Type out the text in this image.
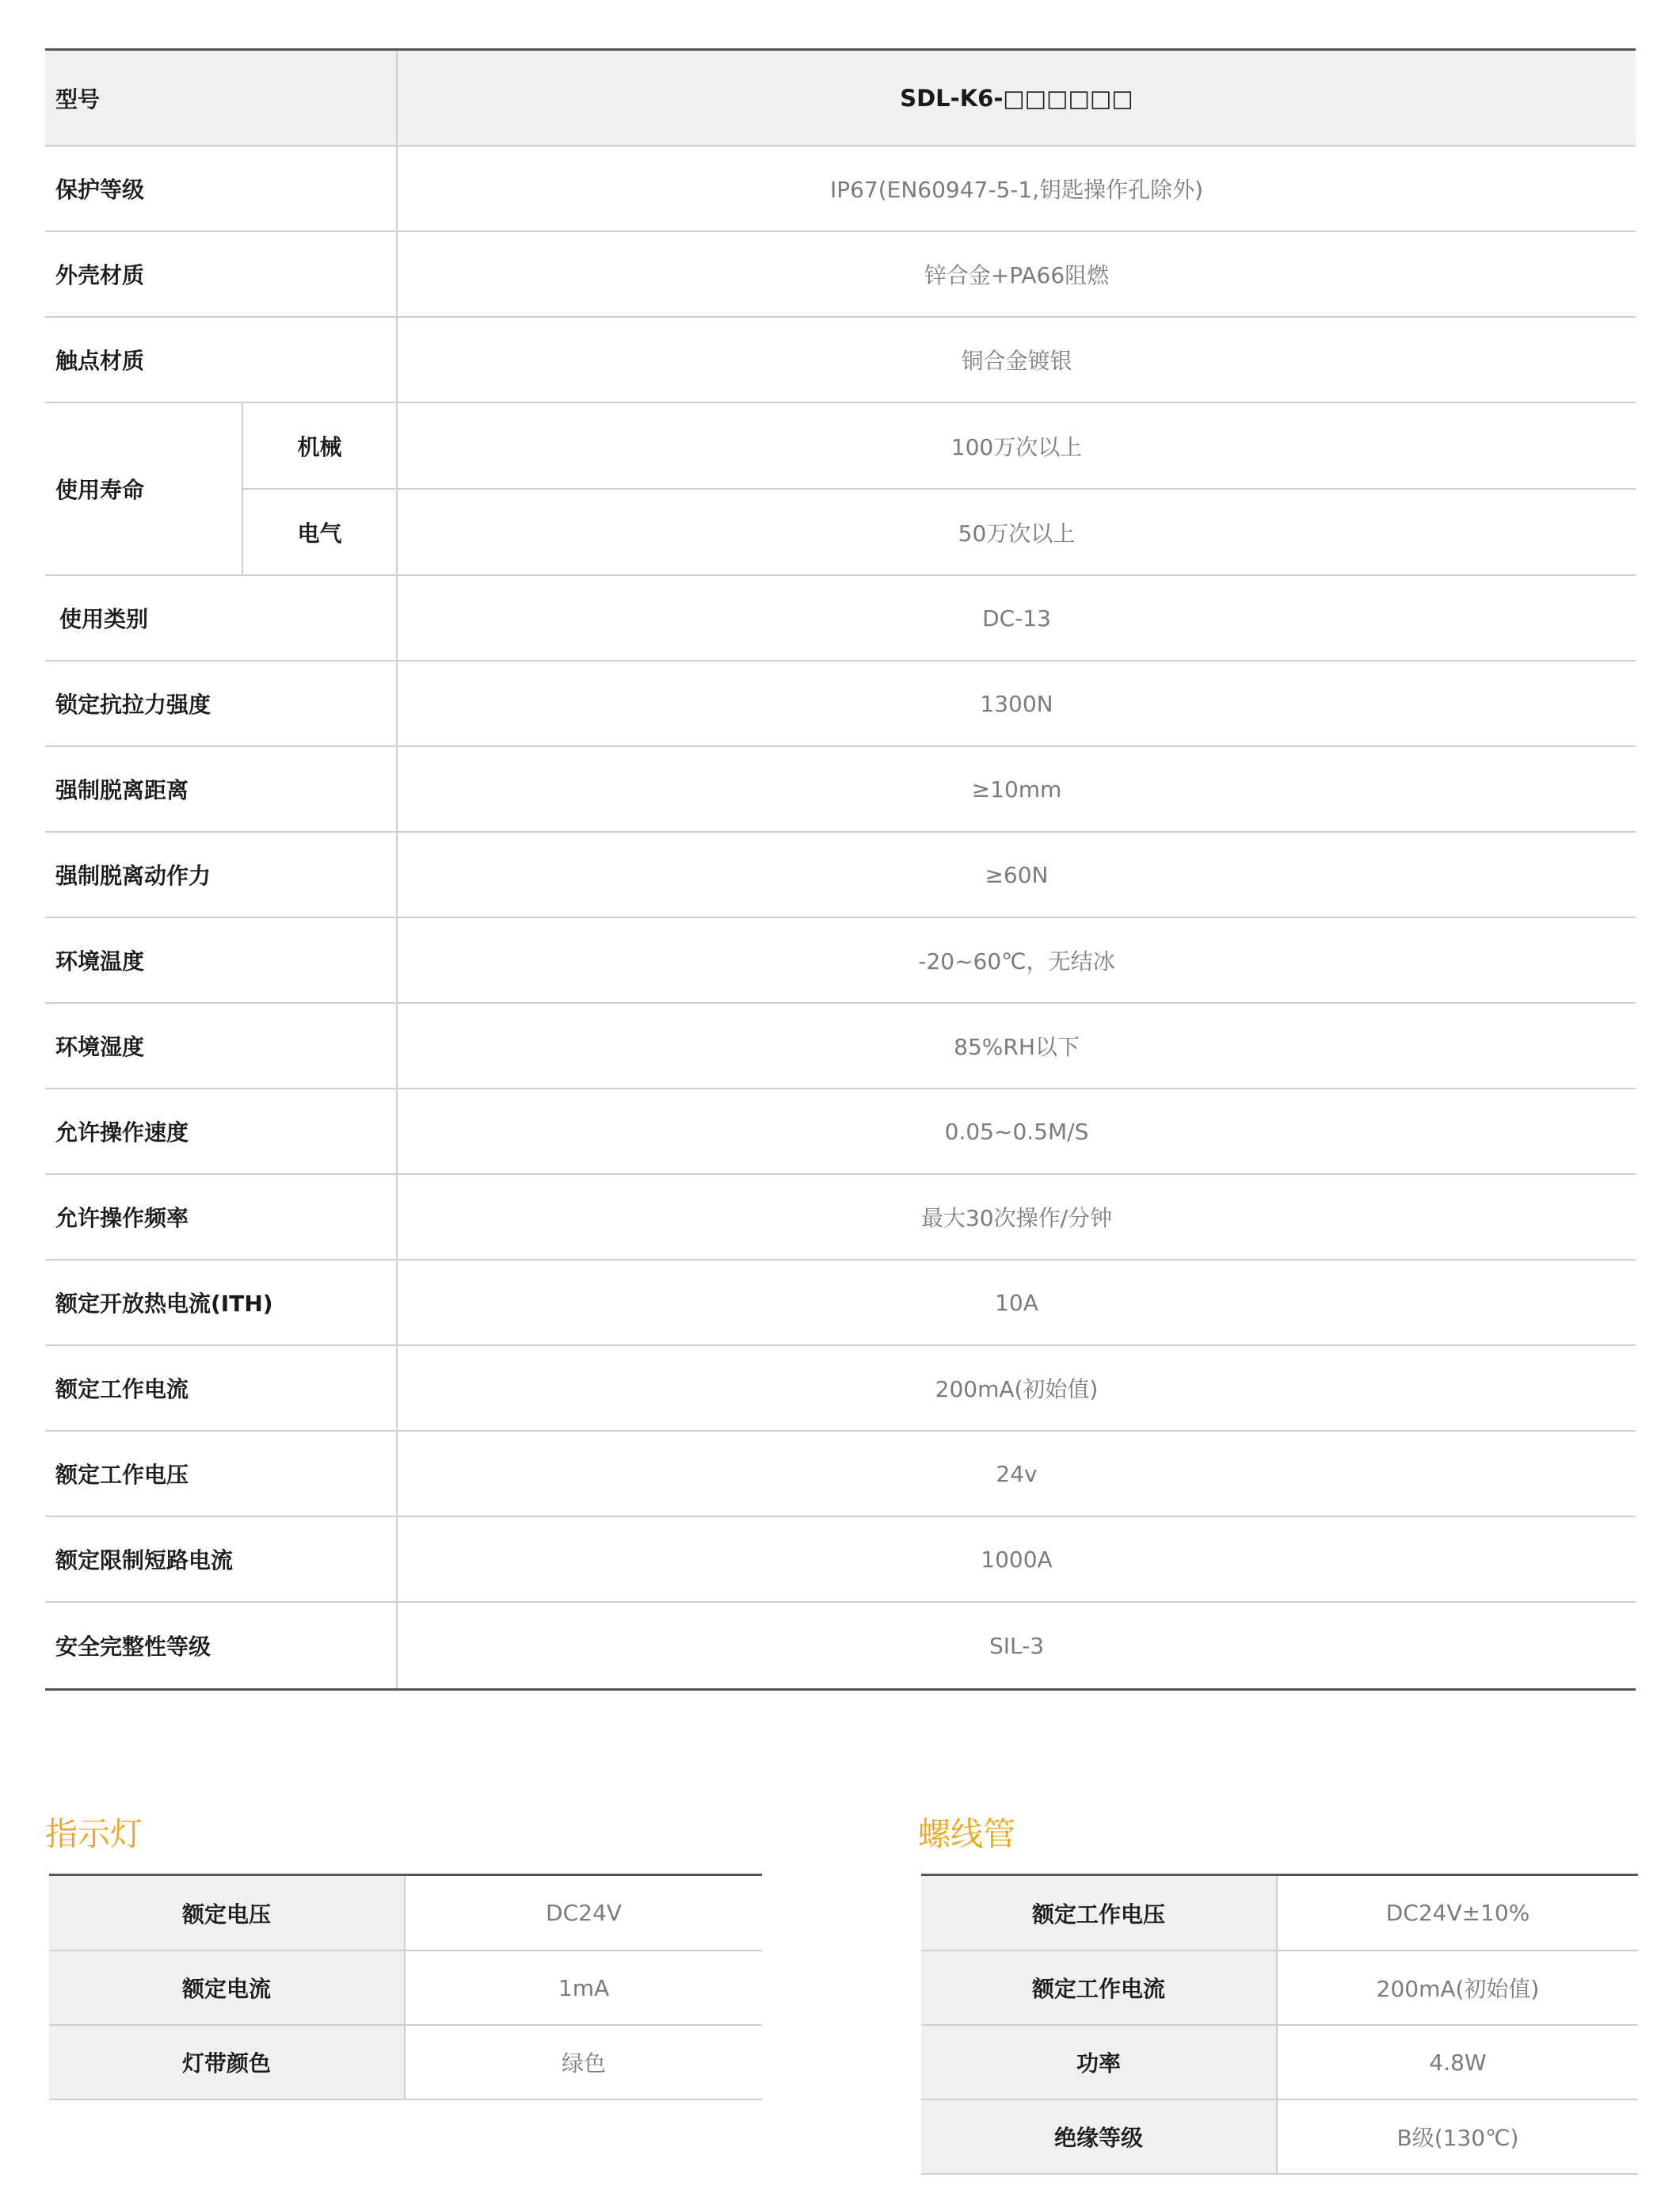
型号	SDL-K6-□□□□□□
保护等级	IP67(EN60947-5-1,钥匙操作孔除外)
外壳材质	锌合金+PA66阻燃
触点材质	铜合金镀银
使用寿命
机械	100万次以上
电气	50万次以上
使用类别	DC-13
锁定抗拉力强度	1300N
强制脱离距离	≥10mm
强制脱离动作力	≥60N
环境温度	-20~60℃，无结冰
环境湿度	85%RH以下
允许操作速度	0.05~0.5M/S
允许操作频率	最大30次操作/分钟
额定开放热电流(ITH)	10A
额定工作电流	200mA(初始值)
额定工作电压	24v
额定限制短路电流	1000A
安全完整性等级	SIL-3
指示灯
额定电压	DC24V
额定电流	1mA
灯带颜色	绿色
螺线管
额定工作电压	DC24V±10%
额定工作电流	200mA(初始值)
功率	4.8W
绝缘等级	B级(130℃)
